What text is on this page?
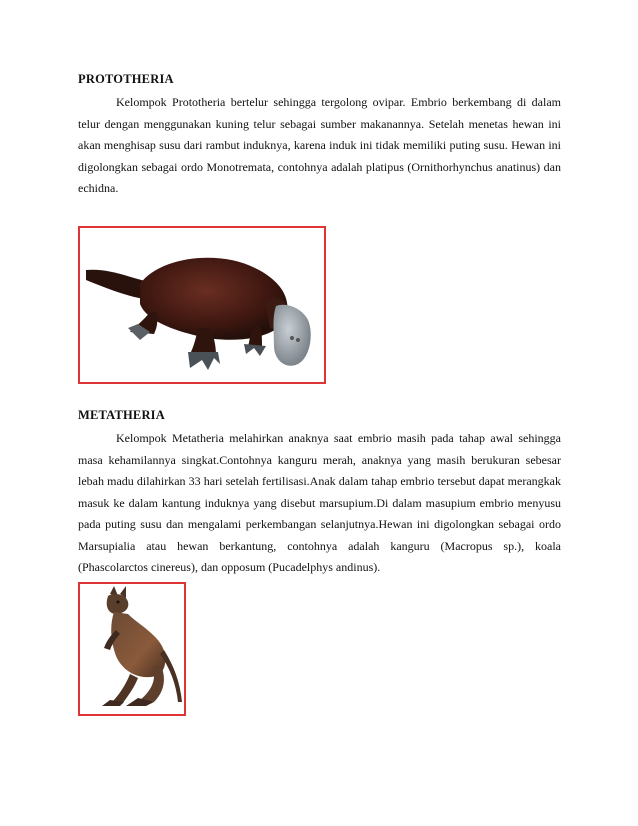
PROTOTHERIA

Kelompok Prototheria bertelur sehingga tergolong ovipar. Embrio berkembang di dalam telur dengan menggunakan kuning telur sebagai sumber makanannya. Setelah menetas hewan ini akan menghisap susu dari rambut induknya, karena induk ini tidak memiliki puting susu. Hewan ini digolongkan sebagai ordo Monotremata, contohnya adalah platipus (Ornithorhynchus anatinus) dan echidna.

METATHERIA

Kelompok Metatheria melahirkan anaknya saat embrio masih pada tahap awal sehingga masa kehamilannya singkat.Contohnya kanguru merah, anaknya yang masih berukuran sebesar lebah madu dilahirkan 33 hari setelah fertilisasi.Anak dalam tahap embrio tersebut dapat merangkak masuk ke dalam kantung induknya yang disebut marsupium.Di dalam masupium embrio menyusu pada puting susu dan mengalami perkembangan selanjutnya.Hewan ini digolongkan sebagai ordo Marsupialia atau hewan berkantung, contohnya adalah kanguru (Macropus sp.), koala (Phascolarctos cinereus), dan opposum (Pucadelphys andinus).
